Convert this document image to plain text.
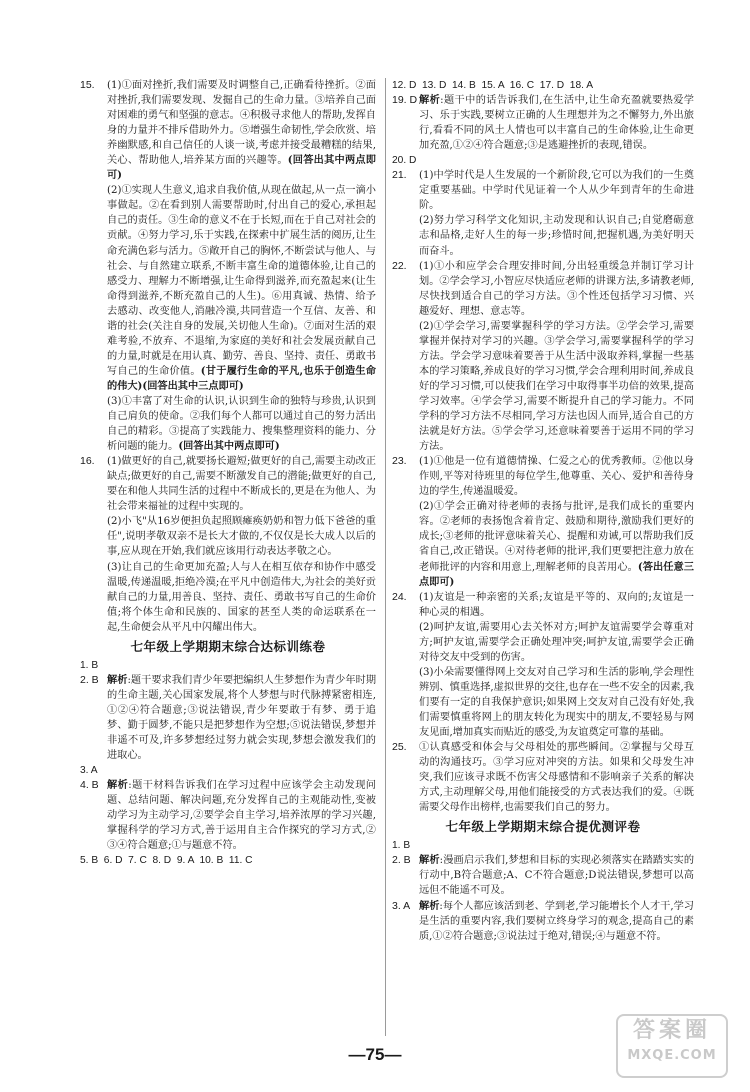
15.	(1)①面对挫折,我们需要及时调整自己,正确看待挫折。②面对挫折,我们需要发现、发掘自己的生命力量。③培养自己面对困难的勇气和坚强的意志。④积极寻求他人的帮助,发挥自身的力量并不排斥借助外力。⑤增强生命韧性,学会欣赏、培养幽默感,和自己信任的人谈一谈,考虑并接受最糟糕的结果,关心、帮助他人,培养某方面的兴趣等。(回答出其中两点即可)
(2)①实现人生意义,追求自我价值,从现在做起,从一点一滴小事做起。②在看到别人需要帮助时,付出自己的爱心,承担起自己的责任。③生命的意义不在于长短,而在于自己对社会的贡献。④努力学习,乐于实践,在探索中扩展生活的阅历,让生命充满色彩与活力。⑤敞开自己的胸怀,不断尝试与他人、与社会、与自然建立联系,不断丰富生命的道德体验,让自己的感受力、理解力不断增强,让生命得到滋养,而充盈起来(让生命得到滋养,不断充盈自己的人生)。⑥用真诚、热情、给予去感动、改变他人,消融冷漠,共同营造一个互信、友善、和谐的社会(关注自身的发展,关切他人生命)。⑦面对生活的艰难考验,不放弃、不退缩,为家庭的美好和社会发展贡献自己的力量,时就是在用认真、勤劳、善良、坚持、责任、勇敢书写自己的生命价值。(甘于履行生命的平凡,也乐于创造生命的伟大)(回答出其中三点即可)
(3)①丰富了对生命的认识,认识到生命的独特与珍贵,认识到自己肩负的使命。②我们每个人都可以通过自己的努力活出自己的精彩。③提高了实践能力、搜集整理资料的能力、分析问题的能力。(回答出其中两点即可)
16.	(1)做更好的自己,就要扬长避短;做更好的自己,需要主动改正缺点;做更好的自己,需要不断激发自己的潜能;做更好的自己,要在和他人共同生活的过程中不断成长的,更是在为他人、为社会带来福祉的过程中实现的。
(2)小飞"从16岁便担负起照顾瘫痪奶奶和智力低下爸爸的重任",说明孝敬双亲不是长大才做的,不仅仅是长大成人以后的事,应从现在开始,我们就应该用行动表达孝敬之心。
(3)让自己的生命更加充盈;人与人在相互依存和协作中感受温暖,传递温暖,拒绝冷漠;在平凡中创造伟大,为社会的美好贡献自己的力量,用善良、坚持、责任、勇敢书写自己的生命价值;将个体生命和民族的、国家的甚至人类的命运联系在一起,生命便会从平凡中闪耀出伟大。
七年级上学期期末综合达标训练卷
1. B
2. B 解析:题干要求我们青少年要把编织人生梦想作为青少年时期的生命主题,关心国家发展,将个人梦想与时代脉搏紧密相连,①②④符合题意;③说法错误,青少年要敢于有梦、勇于追梦、勤于圆梦,不能只是把梦想作为空想;⑤说法错误,梦想并非遥不可及,许多梦想经过努力就会实现,梦想会激发我们的进取心。
3. A
4. B 解析:题干材料告诉我们在学习过程中应该学会主动发现问题、总结问题、解决问题,充分发挥自己的主观能动性,变被动学习为主动学习,②要学会自主学习,培养浓厚的学习兴趣,掌握科学的学习方式,善于运用自主合作探究的学习方式,②③④符合题意;①与题意不符。
5. B  6. D  7. C  8. D  9. A  10. B  11. C
12. D  13. D  14. B  15. A  16. C  17. D  18. A
19. D 解析:题干中的话告诉我们,在生活中,让生命充盈就要热爱学习、乐于实践,要树立正确的人生理想并为之不懈努力,外出旅行,看看不同的风土人情也可以丰富自己的生命体验,让生命更加充盈,①②④符合题意;③是逃避挫折的表现,错误。
20. D
21.	(1)中学时代是人生发展的一个新阶段,它可以为我们的一生奠定重要基础。中学时代见证着一个人从少年到青年的生命进阶。
(2)努力学习科学文化知识,主动发现和认识自己;自觉磨砺意志和品格,走好人生的每一步;珍惜时间,把握机遇,为美好明天而奋斗。
22.	(1)①小和应学会合理安排时间,分出轻重缓急并制订学习计划。②学会学习,小智应尽快适应老师的讲课方法,多请教老师,尽快找到适合自己的学习方法。③个性还包括学习习惯、兴趣爱好、理想、意志等。
(2)①学会学习,需要掌握科学的学习方法。②学会学习,需要掌握并保持对学习的兴趣。③学会学习,需要掌握科学的学习方法。学会学习意味着要善于从生活中汲取养料,掌握一些基本的学习策略,养成良好的学习习惯,学会合理利用时间,养成良好的学习习惯,可以使我们在学习中取得事半功倍的效果,提高学习效率。④学会学习,需要不断提升自己的学习能力。不同学科的学习方法不尽相同,学习方法也因人而异,适合自己的方法就是好方法。⑤学会学习,还意味着要善于运用不同的学习方法。
23.	(1)①他是一位有道德情操、仁爱之心的优秀教师。②他以身作则,平等对待班里的每位学生,他尊重、关心、爱护和善待身边的学生,传递温暖爱。
(2)①学会正确对待老师的表扬与批评,是我们成长的重要内容。②老师的表扬饱含着肯定、鼓励和期待,激励我们更好的成长;③老师的批评意味着关心、提醒和劝诫,可以帮助我们反省自己,改正错误。④对待老师的批评,我们更要把注意力放在老师批评的内容和用意上,理解老师的良苦用心。(答出任意三点即可)
24.	(1)友谊是一种亲密的关系;友谊是平等的、双向的;友谊是一种心灵的相遇。
(2)呵护友谊,需要用心去关怀对方;呵护友谊需要学会尊重对方;呵护友谊,需要学会正确处理冲突;呵护友谊,需要学会正确对待交友中受到的伤害。
(3)小朵需要懂得网上交友对自己学习和生活的影响,学会理性辨别、慎重选择,虚拟世界的交往,也存在一些不安全的因素,我们要有一定的自我保护意识;如果网上交友对自己没有好处,我们需要慎重将网上的朋友转化为现实中的朋友,不要轻易与网友见面,增加真实而贴近的感受,为友谊奠定可靠的基础。
25.	①认真感受和体会与父母相处的那些瞬间。②掌握与父母互动的沟通技巧。③学习应对冲突的方法。如果和父母发生冲突,我们应该寻求既不伤害父母感情和不影响亲子关系的解决方式,主动理解父母,用他们能接受的方式表达我们的爱。④既需要父母作出榜样,也需要我们自己的努力。
七年级上学期期末综合提优测评卷
1. B
2. B 解析:漫画启示我们,梦想和目标的实现必须落实在踏踏实实的行动中,B符合题意;A、C不符合题意;D说法错误,梦想可以高远但不能遥不可及。
3. A 解析:每个人都应该活到老、学到老,学习能增长个人才干,学习是生活的重要内容,我们要树立终身学习的观念,提高自己的素质,①②符合题意;③说法过于绝对,错误;④与题意不符。
—75—
答案圈
MXQE.COM
